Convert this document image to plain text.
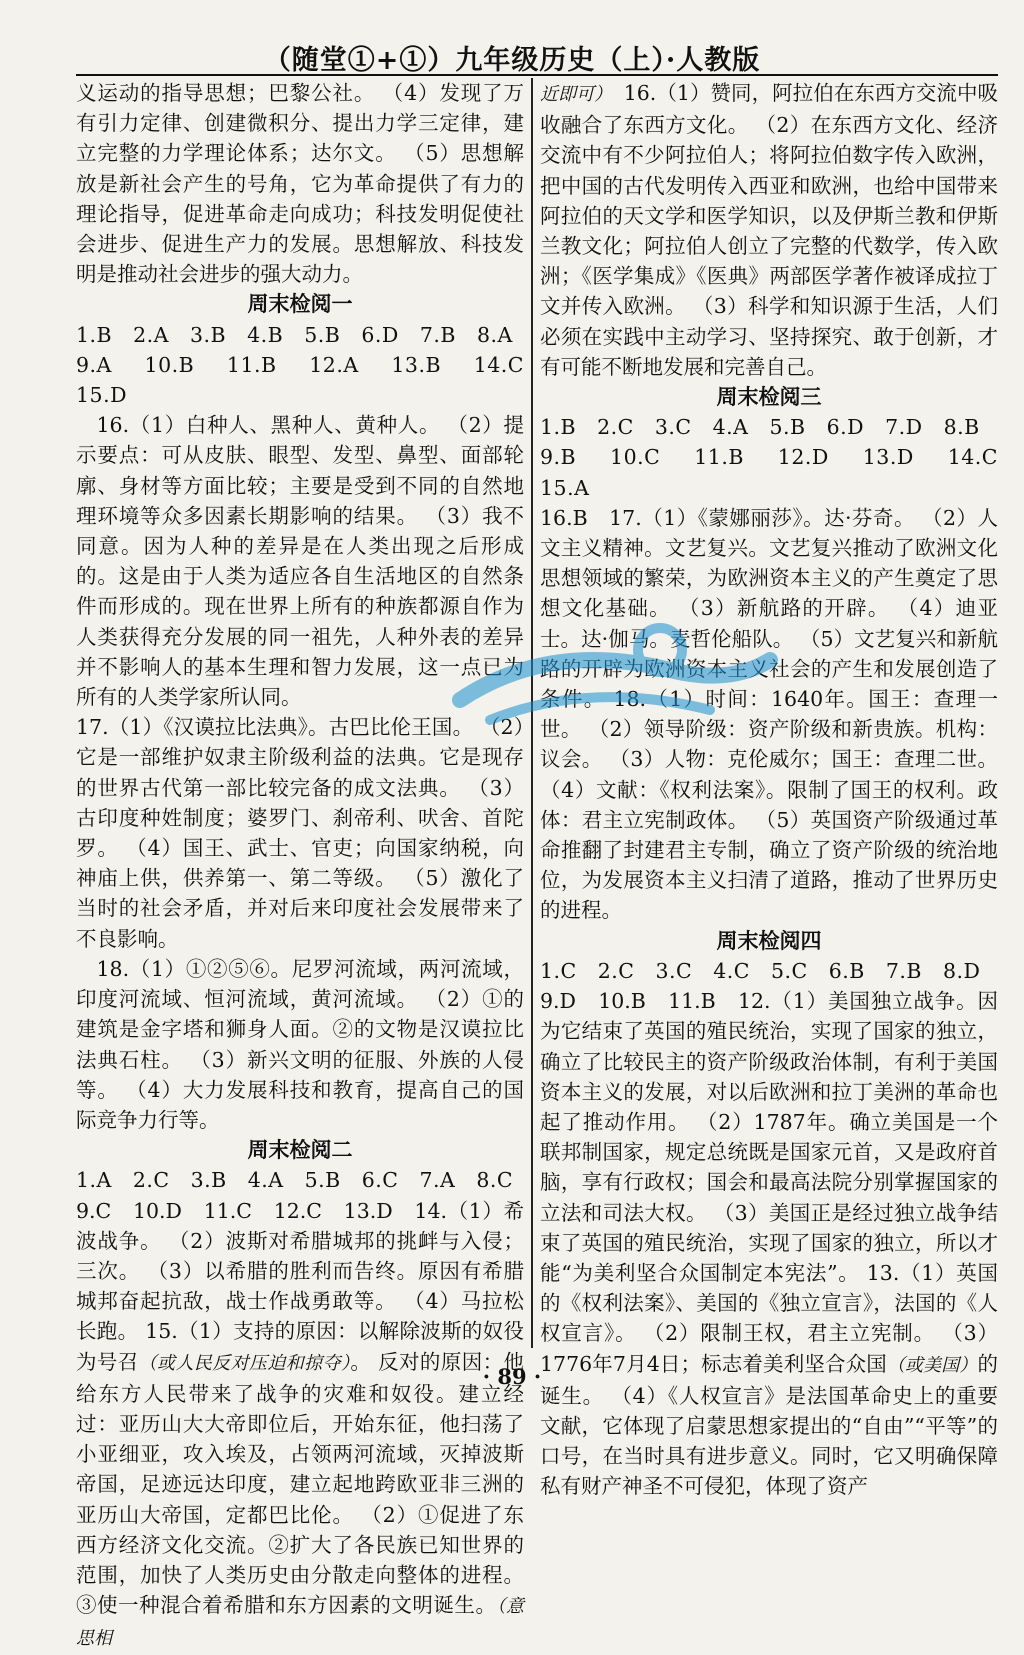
（随堂①+①）九年级历史（上）·人教版

义运动的指导思想；巴黎公社。 （4）发现了万有引力定律、创建微积分、提出力学三定律，建立完整的力学理论体系；达尔文。 （5）思想解放是新社会产生的号角，它为革命提供了有力的理论指导，促进革命走向成功；科技发明促使社会进步、促进生产力的发展。思想解放、科技发明是推动社会进步的强大动力。

周末检阅一

1.B　2.A　3.B　4.B　5.B　6.D　7.B　8.A

9.A　10.B　11.B　12.A　13.B　14.C　15.D

16.（1）白种人、黑种人、黄种人。 （2）提示要点：可从皮肤、眼型、发型、鼻型、面部轮廓、身材等方面比较；主要是受到不同的自然地理环境等众多因素长期影响的结果。 （3）我不同意。因为人种的差异是在人类出现之后形成的。这是由于人类为适应各自生活地区的自然条件而形成的。现在世界上所有的种族都源自作为人类获得充分发展的同一祖先，人种外表的差异并不影响人的基本生理和智力发展，这一点已为所有的人类学家所认同。

17.（1）《汉谟拉比法典》。古巴比伦王国。 （2）它是一部维护奴隶主阶级利益的法典。它是现存的世界古代第一部比较完备的成文法典。 （3）古印度种姓制度；婆罗门、刹帝利、吠舍、首陀罗。 （4）国王、武士、官吏；向国家纳税，向神庙上供，供养第一、第二等级。 （5）激化了当时的社会矛盾，并对后来印度社会发展带来了不良影响。

18.（1）①②⑤⑥。尼罗河流域，两河流域，印度河流域、恒河流域，黄河流域。 （2）①的建筑是金字塔和狮身人面。②的文物是汉谟拉比法典石柱。 （3）新兴文明的征服、外族的人侵等。 （4）大力发展科技和教育，提高自己的国际竞争力行等。

周末检阅二

1.A　2.C　3.B　4.A　5.B　6.C　7.A　8.C

9.C　10.D　11.C　12.C　13.D　14.（1）希波战争。 （2）波斯对希腊城邦的挑衅与入侵；三次。 （3）以希腊的胜利而告终。原因有希腊城邦奋起抗敌，战士作战勇敢等。 （4）马拉松长跑。 15.（1）支持的原因：以解除波斯的奴役为号召（或人民反对压迫和掠夺）。 反对的原因：他给东方人民带来了战争的灾难和奴役。建立经过：亚历山大大帝即位后，开始东征，他扫荡了小亚细亚，攻入埃及，占领两河流域，灭掉波斯帝国，足迹远达印度，建立起地跨欧亚非三洲的亚历山大帝国，定都巴比伦。 （2）①促进了东西方经济文化交流。②扩大了各民族已知世界的范围，加快了人类历史由分散走向整体的进程。③使一种混合着希腊和东方因素的文明诞生。（意思相

近即可）　 16.（1）赞同，阿拉伯在东西方交流中吸收融合了东西方文化。 （2）在东西方文化、经济交流中有不少阿拉伯人；将阿拉伯数字传入欧洲，把中国的古代发明传入西亚和欧洲，也给中国带来阿拉伯的天文学和医学知识，以及伊斯兰教和伊斯兰教文化；阿拉伯人创立了完整的代数学，传入欧洲；《医学集成》《医典》两部医学著作被译成拉丁文并传入欧洲。 （3）科学和知识源于生活，人们必须在实践中主动学习、坚持探究、敢于创新，才有可能不断地发展和完善自己。

周末检阅三

1.B　2.C　3.C　4.A　5.B　6.D　7.D　8.B

9.B　10.C　11.B　12.D　13.D　14.C　15.A

16.B　17.（1）《蒙娜丽莎》。达·芬奇。 （2）人文主义精神。文艺复兴。文艺复兴推动了欧洲文化思想领域的繁荣，为欧洲资本主义的产生奠定了思想文化基础。 （3）新航路的开辟。 （4）迪亚士。达·伽马。麦哲伦船队。 （5）文艺复兴和新航路的开辟为欧洲资本主义社会的产生和发展创造了条件。 18.（1）时间：1640年。国王：查理一世。 （2）领导阶级：资产阶级和新贵族。机构：议会。 （3）人物：克伦威尔；国王：查理二世。 （4）文献：《权利法案》。限制了国王的权利。政体：君主立宪制政体。 （5）英国资产阶级通过革命推翻了封建君主专制，确立了资产阶级的统治地位，为发展资本主义扫清了道路，推动了世界历史的进程。

周末检阅四

1.C　2.C　3.C　4.C　5.C　6.B　7.B　8.D

9.D　10.B　11.B　12.（1）美国独立战争。因为它结束了英国的殖民统治，实现了国家的独立，确立了比较民主的资产阶级政治体制，有利于美国资本主义的发展，对以后欧洲和拉丁美洲的革命也起了推动作用。 （2）1787年。确立美国是一个联邦制国家，规定总统既是国家元首，又是政府首脑，享有行政权；国会和最高法院分别掌握国家的立法和司法大权。 （3）美国正是经过独立战争结束了英国的殖民统治，实现了国家的独立，所以才能“为美利坚合众国制定本宪法”。 13.（1）英国的《权利法案》、美国的《独立宣言》，法国的《人权宣言》。 （2）限制王权，君主立宪制。 （3）1776年7月4日；标志着美利坚合众国（或美国）的诞生。 （4）《人权宣言》是法国革命史上的重要文献，它体现了启蒙思想家提出的“自由”“平等”的口号，在当时具有进步意义。同时，它又明确保障私有财产神圣不可侵犯，体现了资产

· 89 ·
